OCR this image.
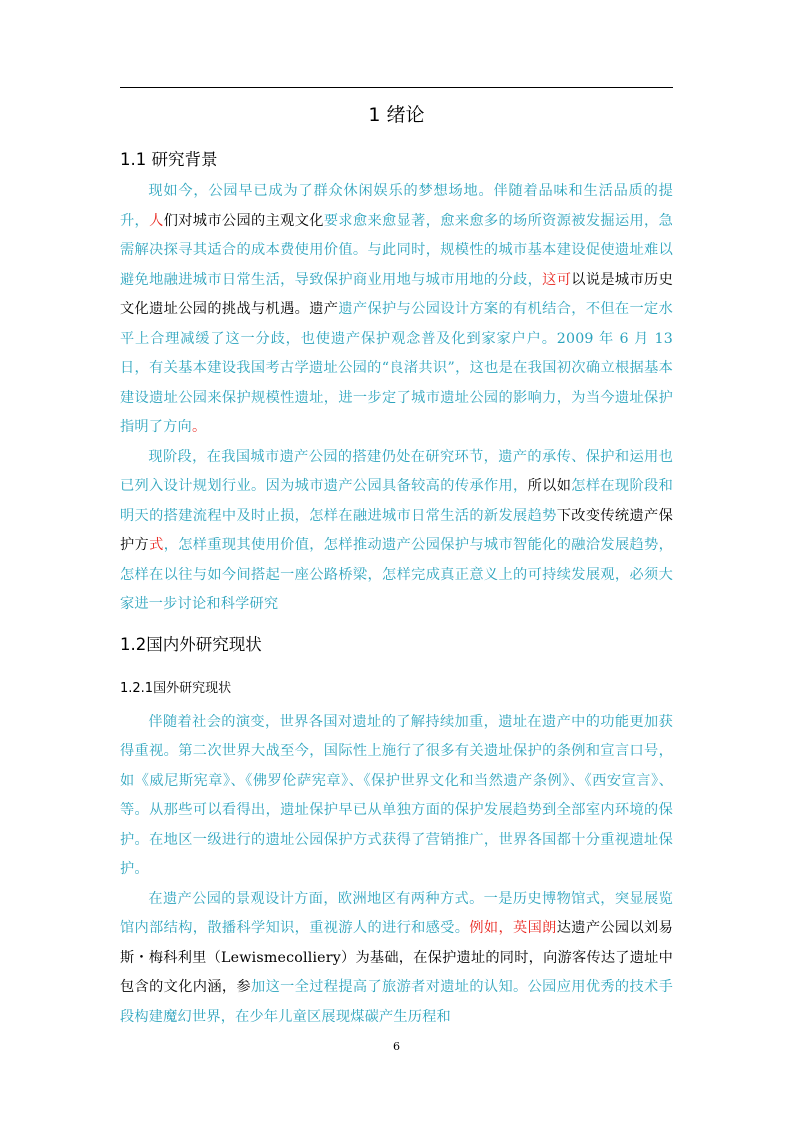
1 绪论
1.1 研究背景

现如今，公园早已成为了群众休闲娱乐的梦想场地。伴随着品味和生活品质的提升，人们对城市公园的主观文化要求愈来愈显著，愈来愈多的场所资源被发掘运用，急需解决探寻其适合的成本费使用价值。与此同时，规模性的城市基本建设促使遗址难以避免地融进城市日常生活，导致保护商业用地与城市用地的分歧，这可以说是城市历史文化遗址公园的挑战与机遇。遗产遗产保护与公园设计方案的有机结合，不但在一定水平上合理减缓了这一分歧，也使遗产保护观念普及化到家家户户。2009 年 6 月 13 日，有关基本建设我国考古学遗址公园的“良渚共识”，这也是在我国初次确立根据基本建设遗址公园来保护规模性遗址，进一步定了城市遗址公园的影响力，为当今遗址保护指明了方向。

现阶段，在我国城市遗产公园的搭建仍处在研究环节，遗产的承传、保护和运用也已列入设计规划行业。因为城市遗产公园具备较高的传承作用，所以如怎样在现阶段和明天的搭建流程中及时止损，怎样在融进城市日常生活的新发展趋势下改变传统遗产保护方式，怎样重现其使用价值，怎样推动遗产公园保护与城市智能化的融洽发展趋势，怎样在以往与如今间搭起一座公路桥梁，怎样完成真正意义上的可持续发展观，必须大家进一步讨论和科学研究

1.2国内外研究现状
1.2.1国外研究现状

伴随着社会的演变，世界各国对遗址的了解持续加重，遗址在遗产中的功能更加获得重视。第二次世界大战至今，国际性上施行了很多有关遗址保护的条例和宣言口号，如《威尼斯宪章》、《佛罗伦萨宪章》、《保护世界文化和当然遗产条例》、《西安宣言》、等。从那些可以看得出，遗址保护早已从单独方面的保护发展趋势到全部室内环境的保护。在地区一级进行的遗址公园保护方式获得了营销推广，世界各国都十分重视遗址保护。

在遗产公园的景观设计方面，欧洲地区有两种方式。一是历史博物馆式，突显展览馆内部结构，散播科学知识，重视游人的进行和感受。例如，英国朗达遗产公园以刘易斯・梅科利里（Lewismecolliery）为基础，在保护遗址的同时，向游客传达了遗址中包含的文化内涵，参加这一全过程提高了旅游者对遗址的认知。公园应用优秀的技术手段构建魔幻世界，在少年儿童区展现煤碳产生历程和

6
